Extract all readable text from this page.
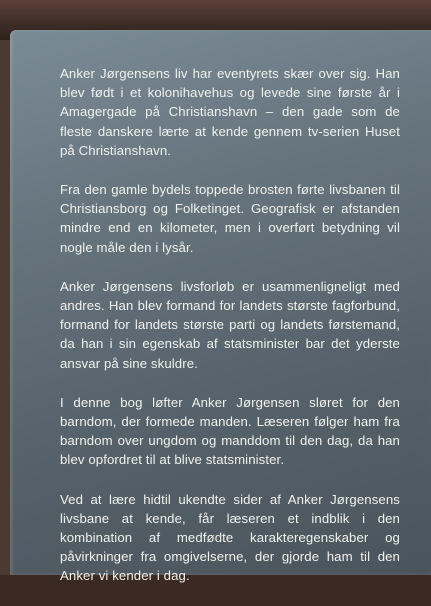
Anker Jørgensens liv har eventyrets skær over sig. Han blev født i et kolonihavehus og levede sine første år i Amagergade på Christianshavn – den gade som de fleste danskere lærte at kende gennem tv-serien Huset på Christianshavn.

Fra den gamle bydels toppede brosten førte livsbanen til Christiansborg og Folketinget. Geografisk er afstanden mindre end en kilometer, men i overført betydning vil nogle måle den i lysår.

Anker Jørgensens livsforløb er usammenligneligt med andres. Han blev formand for landets største fagforbund, formand for landets største parti og landets førstemand, da han i sin egenskab af statsminister bar det yderste ansvar på sine skuldre.

I denne bog løfter Anker Jørgensen sløret for den barndom, der formede manden. Læseren følger ham fra barndom over ungdom og manddom til den dag, da han blev opfordret til at blive statsminister.

Ved at lære hidtil ukendte sider af Anker Jørgensens livsbane at kende, får læseren et indblik i den kombination af medfødte karakteregenskaber og påvirkninger fra omgivelserne, der gjorde ham til den Anker vi kender i dag.
